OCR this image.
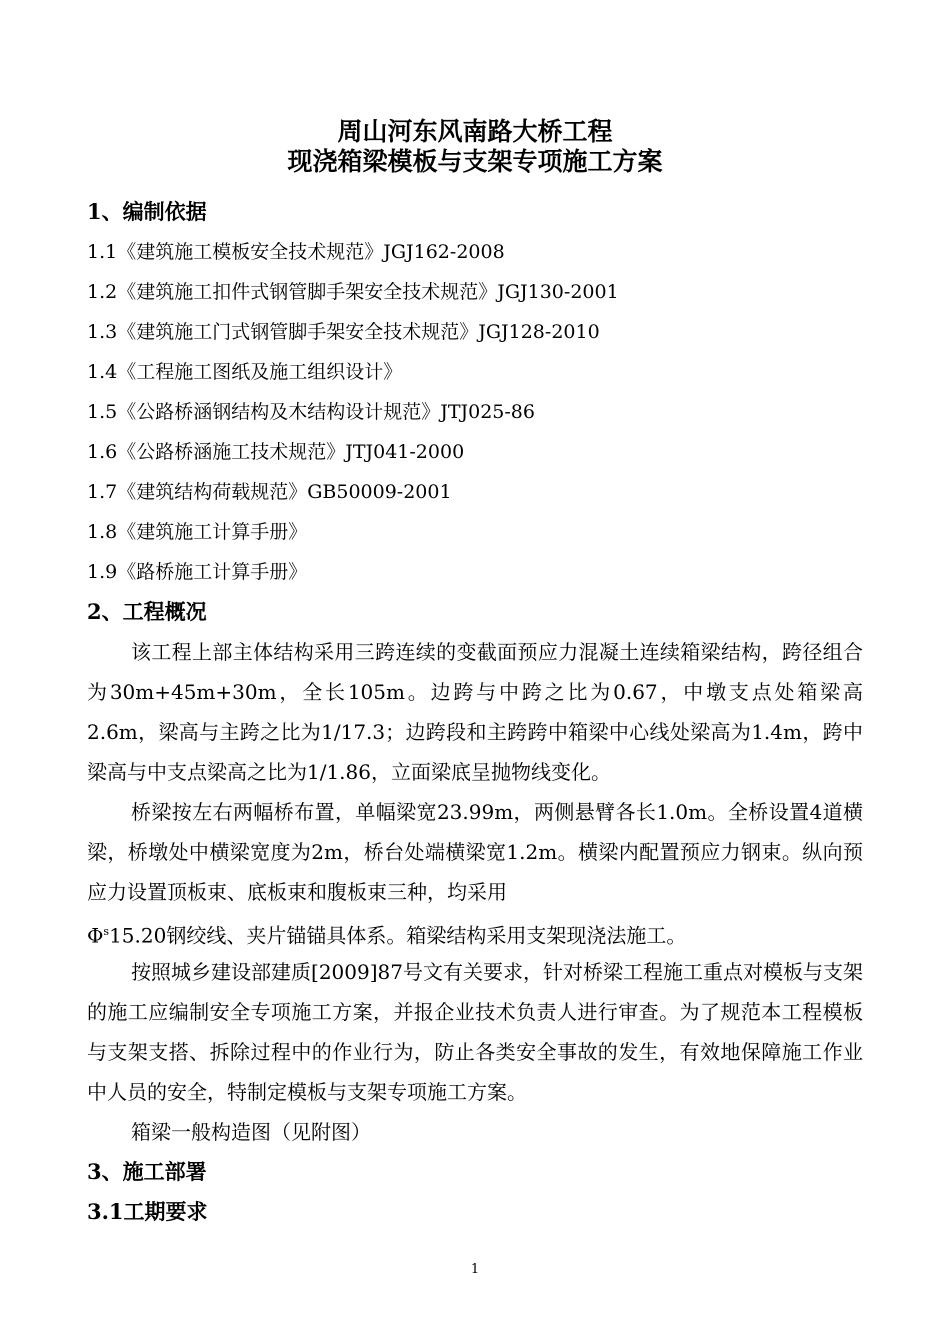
周山河东风南路大桥工程
现浇箱梁模板与支架专项施工方案
1、编制依据
1.1《建筑施工模板安全技术规范》JGJ162-2008
1.2《建筑施工扣件式钢管脚手架安全技术规范》JGJ130-2001
1.3《建筑施工门式钢管脚手架安全技术规范》JGJ128-2010
1.4《工程施工图纸及施工组织设计》
1.5《公路桥涵钢结构及木结构设计规范》JTJ025-86
1.6《公路桥涵施工技术规范》JTJ041-2000
1.7《建筑结构荷载规范》GB50009-2001
1.8《建筑施工计算手册》
1.9《路桥施工计算手册》
2、工程概况

该工程上部主体结构采用三跨连续的变截面预应力混凝土连续箱梁结构，跨径组合为30m+45m+30m，全长105m。边跨与中跨之比为0.67，中墩支点处箱梁高2.6m，梁高与主跨之比为1/17.3；边跨段和主跨跨中箱梁中心线处梁高为1.4m，跨中梁高与中支点梁高之比为1/1.86，立面梁底呈抛物线变化。

桥梁按左右两幅桥布置，单幅梁宽23.99m，两侧悬臂各长1.0m。全桥设置4道横梁，桥墩处中横梁宽度为2m，桥台处端横梁宽1.2m。横梁内配置预应力钢束。纵向预应力设置顶板束、底板束和腹板束三种，均采用

$\Phi^s15.20$钢绞线、夹片锚锚具体系。箱梁结构采用支架现浇法施工。

按照城乡建设部建质[2009]87号文有关要求，针对桥梁工程施工重点对模板与支架的施工应编制安全专项施工方案，并报企业技术负责人进行审查。为了规范本工程模板与支架支搭、拆除过程中的作业行为，防止各类安全事故的发生，有效地保障施工作业中人员的安全，特制定模板与支架专项施工方案。

箱梁一般构造图（见附图）
3、施工部署
3.1工期要求
1
